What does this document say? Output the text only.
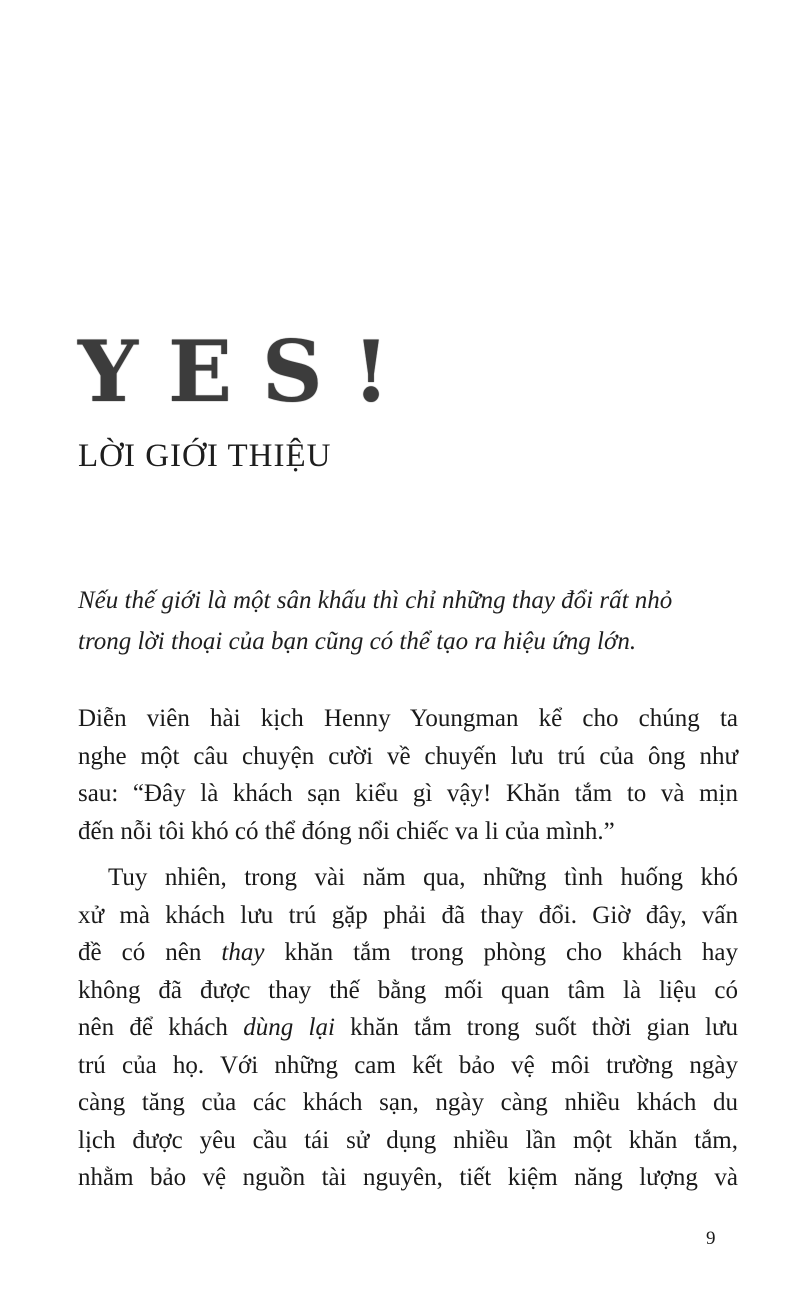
YES!
LỜI GIỚI THIỆU

Nếu thế giới là một sân khấu thì chỉ những thay đổi rất nhỏ
trong lời thoại của bạn cũng có thể tạo ra hiệu ứng lớn.

Diễn viên hài kịch Henny Youngman kể cho chúng ta
nghe một câu chuyện cười về chuyến lưu trú của ông như
sau: “Đây là khách sạn kiểu gì vậy! Khăn tắm to và mịn
đến nỗi tôi khó có thể đóng nổi chiếc va li của mình.”

Tuy nhiên, trong vài năm qua, những tình huống khó
xử mà khách lưu trú gặp phải đã thay đổi. Giờ đây, vấn
đề có nên thay khăn tắm trong phòng cho khách hay
không đã được thay thế bằng mối quan tâm là liệu có
nên để khách dùng lại khăn tắm trong suốt thời gian lưu
trú của họ. Với những cam kết bảo vệ môi trường ngày
càng tăng của các khách sạn, ngày càng nhiều khách du
lịch được yêu cầu tái sử dụng nhiều lần một khăn tắm,
nhằm bảo vệ nguồn tài nguyên, tiết kiệm năng lượng và

9
